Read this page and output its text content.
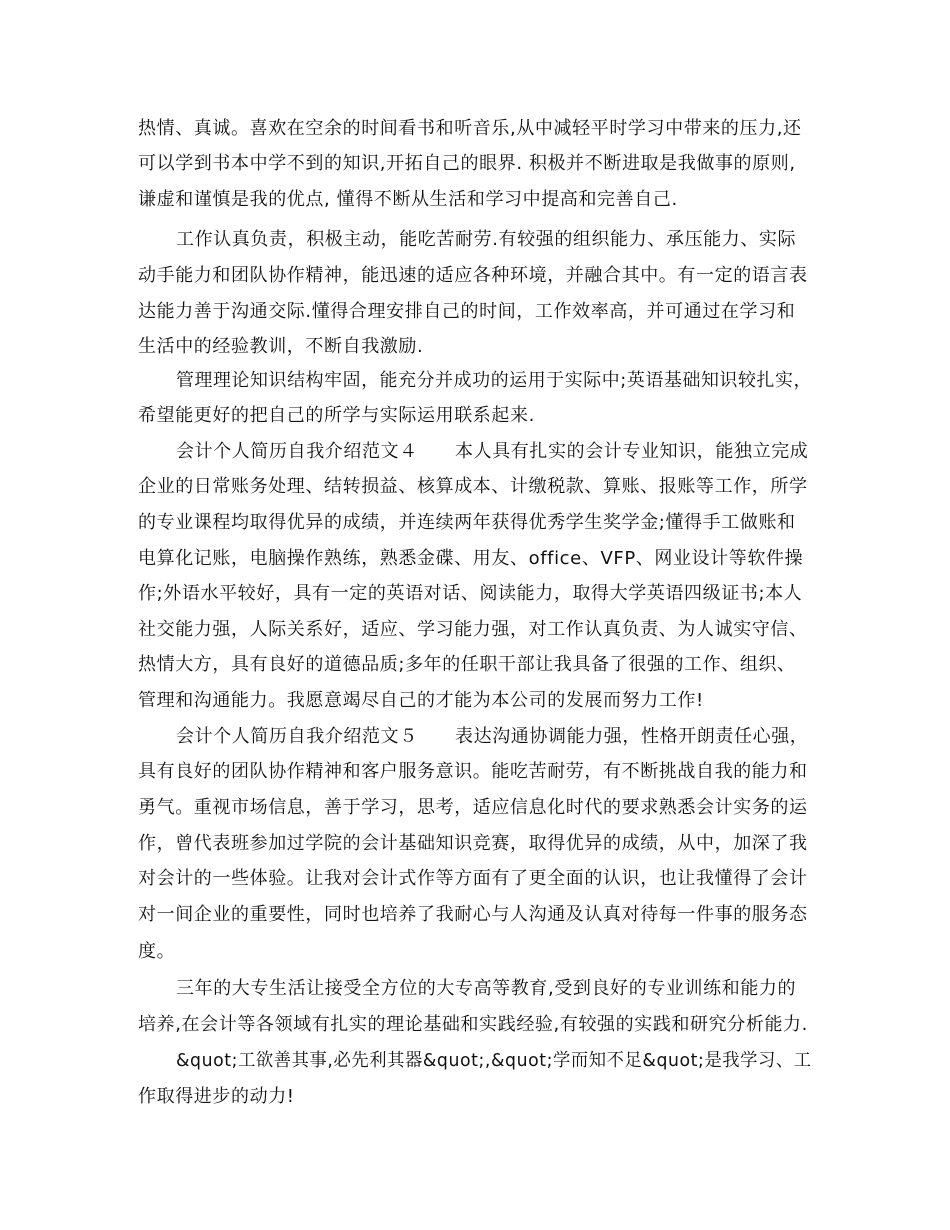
热情、真诚。喜欢在空余的时间看书和听音乐,从中减轻平时学习中带来的压力,还
可以学到书本中学不到的知识,开拓自己的眼界. 积极并不断进取是我做事的原则,
谦虚和谨慎是我的优点, 懂得不断从生活和学习中提高和完善自己.
工作认真负责，积极主动，能吃苦耐劳.有较强的组织能力、承压能力、实际
动手能力和团队协作精神，能迅速的适应各种环境，并融合其中。有一定的语言表
达能力善于沟通交际.懂得合理安排自己的时间，工作效率高，并可通过在学习和
生活中的经验教训，不断自我激励.
管理理论知识结构牢固，能充分并成功的运用于实际中;英语基础知识较扎实，
希望能更好的把自己的所学与实际运用联系起来.
会计个人简历自我介绍范文４　　本人具有扎实的会计专业知识，能独立完成
企业的日常账务处理、结转损益、核算成本、计缴税款、算账、报账等工作，所学
的专业课程均取得优异的成绩，并连续两年获得优秀学生奖学金;懂得手工做账和
电算化记账，电脑操作熟练，熟悉金碟、用友、office、VFP、网业设计等软件操
作;外语水平较好，具有一定的英语对话、阅读能力，取得大学英语四级证书;本人
社交能力强，人际关系好，适应、学习能力强，对工作认真负责、为人诚实守信、
热情大方，具有良好的道德品质;多年的任职干部让我具备了很强的工作、组织、
管理和沟通能力。我愿意竭尽自己的才能为本公司的发展而努力工作!
会计个人简历自我介绍范文５　　表达沟通协调能力强，性格开朗责任心强，
具有良好的团队协作精神和客户服务意识。能吃苦耐劳，有不断挑战自我的能力和
勇气。重视市场信息，善于学习，思考，适应信息化时代的要求熟悉会计实务的运
作，曾代表班参加过学院的会计基础知识竞赛，取得优异的成绩，从中，加深了我
对会计的一些体验。让我对会计式作等方面有了更全面的认识，也让我懂得了会计
对一间企业的重要性，同时也培养了我耐心与人沟通及认真对待每一件事的服务态
度。
三年的大专生活让接受全方位的大专高等教育,受到良好的专业训练和能力的
培养,在会计等各领域有扎实的理论基础和实践经验,有较强的实践和研究分析能力.
&quot;工欲善其事,必先利其器&quot;,&quot;学而知不足&quot;是我学习、工
作取得进步的动力!
